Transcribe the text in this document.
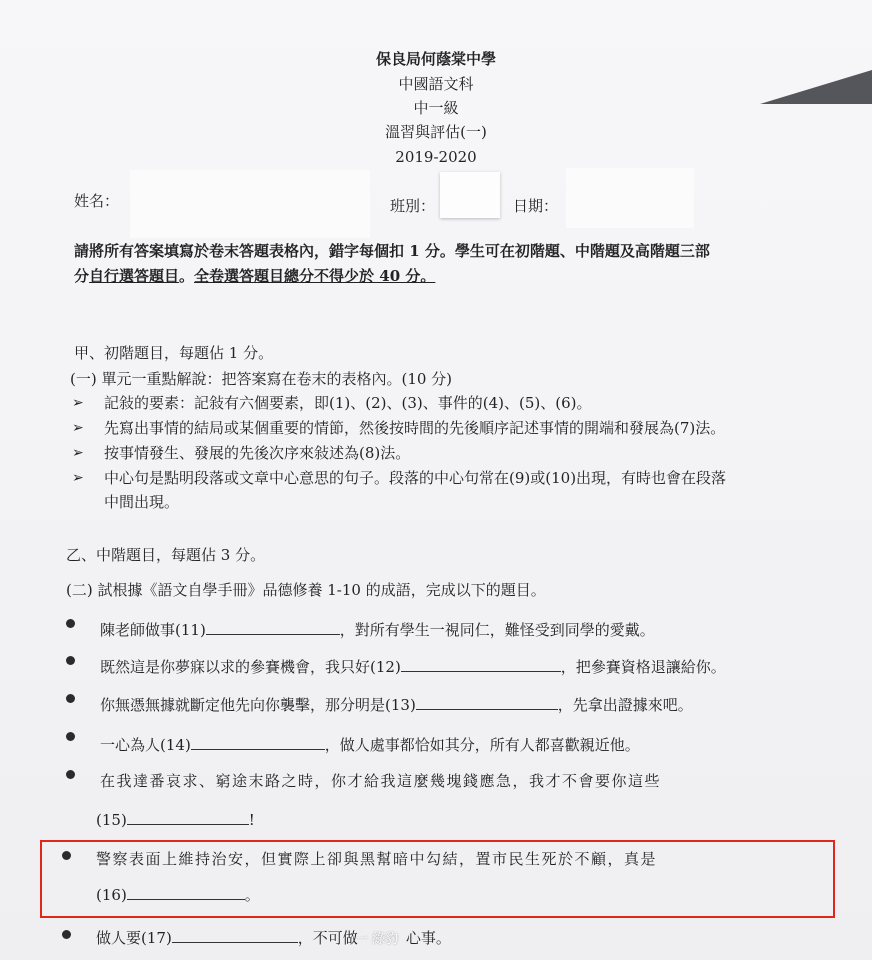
保良局何蔭棠中學
中國語文科
中一級
溫習與評估(一)
2019-2020
姓名：	班別：	日期：
請將所有答案填寫於卷末答題表格內，錯字每個扣 1 分。學生可在初階題、中階題及高階題三部
分自行選答題目。全卷選答題目總分不得少於 40 分。
甲、初階題目，每題佔 1 分。
(一) 單元一重點解說：把答案寫在卷末的表格內。(10 分)
➢ 記敍的要素：記敍有六個要素，即(1)、(2)、(3)、事件的(4)、(5)、(6)。
➢ 先寫出事情的結局或某個重要的情節，然後按時間的先後順序記述事情的開端和發展為(7)法。
➢ 按事情發生、發展的先後次序來敍述為(8)法。
➢ 中心句是點明段落或文章中心意思的句子。段落的中心句常在(9)或(10)出現，有時也會在段落
中間出現。
乙、中階題目，每題佔 3 分。
(二) 試根據《語文自學手冊》品德修養 1-10 的成語，完成以下的題目。
陳老師做事(11)	，對所有學生一視同仁，難怪受到同學的愛戴。
既然這是你夢寐以求的參賽機會，我只好(12)	，把參賽資格退讓給你。
你無憑無據就斷定他先向你襲擊，那分明是(13)	，先拿出證據來吧。
一心為人(14)	，做人處事都恰如其分，所有人都喜歡親近他。
在我達番哀求、窮途末路之時，你才給我這麼幾塊錢應急，我才不會要你這些
(15)	!
警察表面上維持治安，但實際上卻與黑幫暗中勾結，置市民生死於不顧，真是
(16)	。
做人要(17)	，不可做	心事。
一 綠豹
